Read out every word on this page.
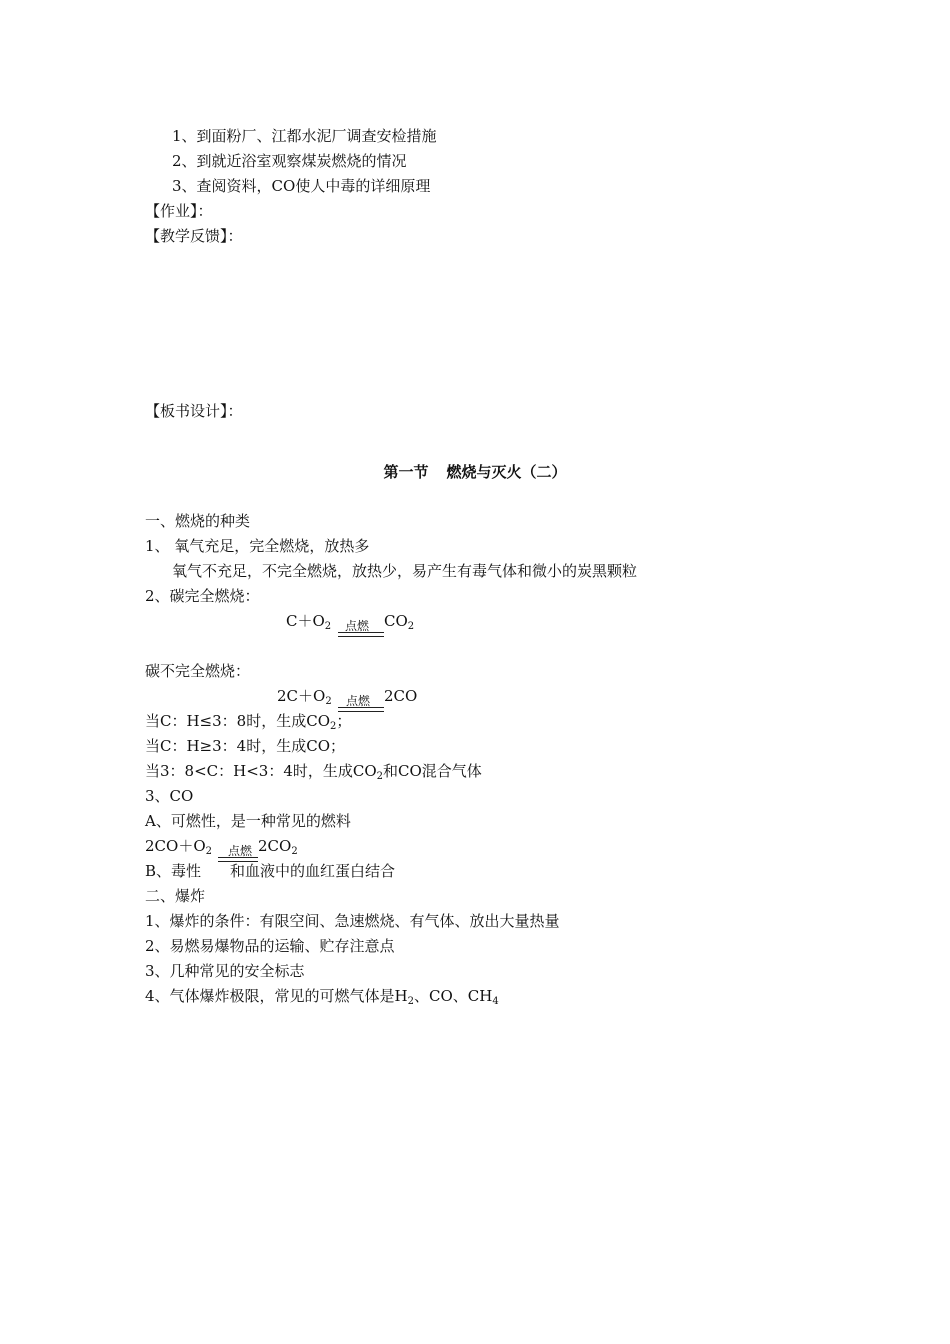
1、到面粉厂、江都水泥厂调查安检措施
2、到就近浴室观察煤炭燃烧的情况
3、查阅资料，CO使人中毒的详细原理
【作业】：
【教学反馈】：
【板书设计】：
第一节 燃烧与灭火（二）
一、燃烧的种类
1、 氧气充足，完全燃烧，放热多
氧气不充足，不完全燃烧，放热少，易产生有毒气体和微小的炭黑颗粒
2、碳完全燃烧：
$C+O_2$ 点燃 $CO_2$
碳不完全燃烧：
$2C+O_2$ 点燃 2CO
当C：H≤3：8时，生成$CO_2$；
当C：H≥3：4时，生成CO；
当3：8<C：H<3：4时，生成$CO_2$和CO混合气体
3、CO
A、可燃性，是一种常见的燃料
$2CO+O_2$ 点燃 $2CO_2$
B、毒性 和血液中的血红蛋白结合
二、爆炸
1、爆炸的条件：有限空间、急速燃烧、有气体、放出大量热量
2、易燃易爆物品的运输、贮存注意点
3、几种常见的安全标志
4、气体爆炸极限，常见的可燃气体是$H_2$、CO、$CH_4$
